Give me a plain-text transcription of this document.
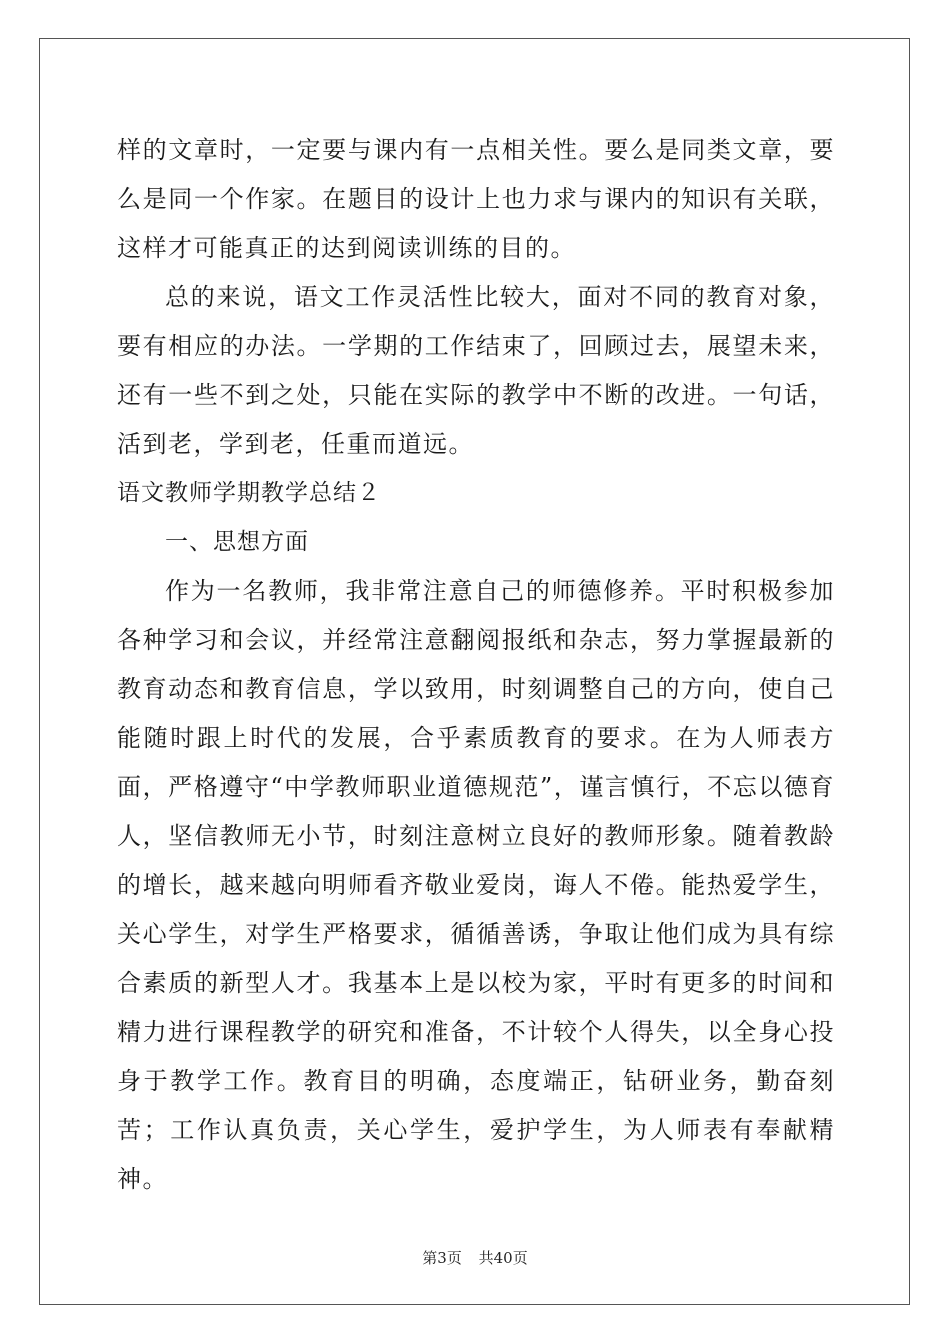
样的文章时，一定要与课内有一点相关性。要么是同类文章，要么是同一个作家。在题目的设计上也力求与课内的知识有关联，这样才可能真正的达到阅读训练的目的。

总的来说，语文工作灵活性比较大，面对不同的教育对象，要有相应的办法。一学期的工作结束了，回顾过去，展望未来，还有一些不到之处，只能在实际的教学中不断的改进。一句话，活到老，学到老，任重而道远。

语文教师学期教学总结２

一、思想方面

作为一名教师，我非常注意自己的师德修养。平时积极参加各种学习和会议，并经常注意翻阅报纸和杂志，努力掌握最新的教育动态和教育信息，学以致用，时刻调整自己的方向，使自己能随时跟上时代的发展，合乎素质教育的要求。在为人师表方面，严格遵守“中学教师职业道德规范”，谨言慎行，不忘以德育人，坚信教师无小节，时刻注意树立良好的教师形象。随着教龄的增长，越来越向明师看齐敬业爱岗，诲人不倦。能热爱学生，关心学生，对学生严格要求，循循善诱，争取让他们成为具有综合素质的新型人才。我基本上是以校为家，平时有更多的时间和精力进行课程教学的研究和准备，不计较个人得失，以全身心投身于教学工作。教育目的明确，态度端正，钻研业务，勤奋刻苦；工作认真负责，关心学生，爱护学生，为人师表有奉献精神。

第3页 共40页
